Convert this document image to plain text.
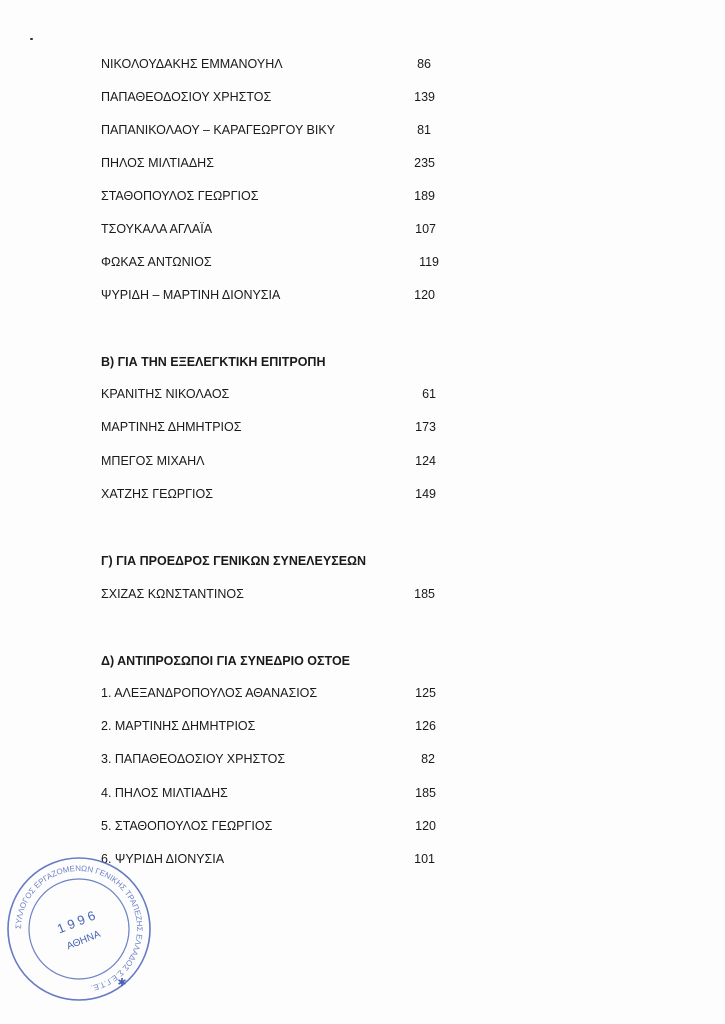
ΝΙΚΟΛΟΥΔΑΚΗΣ ΕΜΜΑΝΟΥΗΛ	86
ΠΑΠΑΘΕΟΔΟΣΙΟΥ ΧΡΗΣΤΟΣ	139
ΠΑΠΑΝΙΚΟΛΑΟΥ – ΚΑΡΑΓΕΩΡΓΟΥ ΒΙΚΥ	81
ΠΗΛΟΣ ΜΙΛΤΙΑΔΗΣ	235
ΣΤΑΘΟΠΟΥΛΟΣ ΓΕΩΡΓΙΟΣ	189
ΤΣΟΥΚΑΛΑ ΑΓΛΑΪΑ	107
ΦΩΚΑΣ ΑΝΤΩΝΙΟΣ	119
ΨΥΡΙΔΗ – ΜΑΡΤΙΝΗ ΔΙΟΝΥΣΙΑ	120
Β) ΓΙΑ ΤΗΝ ΕΞΕΛΕΓΚΤΙΚΗ ΕΠΙΤΡΟΠΗ
ΚΡΑΝΙΤΗΣ ΝΙΚΟΛΑΟΣ	61
ΜΑΡΤΙΝΗΣ ΔΗΜΗΤΡΙΟΣ	173
ΜΠΕΓΟΣ ΜΙΧΑΗΛ	124
ΧΑΤΖΗΣ ΓΕΩΡΓΙΟΣ	149
Γ) ΓΙΑ ΠΡΟΕΔΡΟΣ ΓΕΝΙΚΩΝ ΣΥΝΕΛΕΥΣΕΩΝ
ΣΧΙΖΑΣ ΚΩΝΣΤΑΝΤΙΝΟΣ	185
Δ) ΑΝΤΙΠΡΟΣΩΠΟΙ ΓΙΑ ΣΥΝΕΔΡΙΟ ΟΣΤΟΕ
1. ΑΛΕΞΑΝΔΡΟΠΟΥΛΟΣ ΑΘΑΝΑΣΙΟΣ	125
2. ΜΑΡΤΙΝΗΣ ΔΗΜΗΤΡΙΟΣ	126
3. ΠΑΠΑΘΕΟΔΟΣΙΟΥ ΧΡΗΣΤΟΣ	82
4. ΠΗΛΟΣ ΜΙΛΤΙΑΔΗΣ	185
5. ΣΤΑΘΟΠΟΥΛΟΣ ΓΕΩΡΓΙΟΣ	120
6. ΨΥΡΙΔΗ ΔΙΟΝΥΣΙΑ	101
ΣΥΛΛΟΓΟΣ ΕΡΓΑΖΟΜΕΝΩΝ ΓΕΝΙΚΗΣ ΤΡΑΠΕΖΗΣ ΕΛΛΑΔΟΣ Σ.Ε.Γ.Τ.Ε.
1 9 9 6
ΑΘΗΝΑ
✱
